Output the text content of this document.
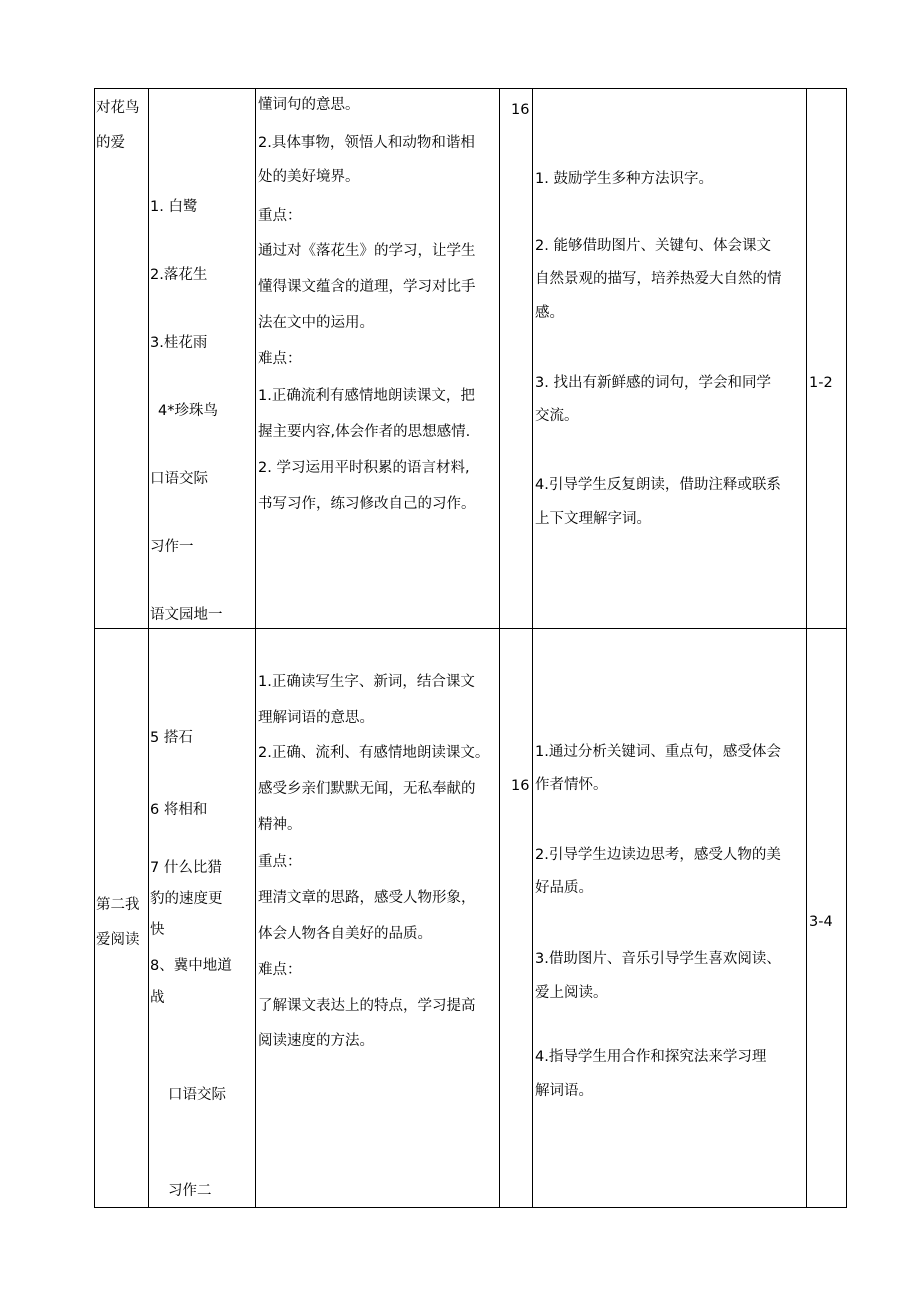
对花鸟
的爱
1. 白鹭
2.落花生
3.桂花雨
4*珍珠鸟
口语交际
习作一
语文园地一
懂词句的意思。
2.具体事物，领悟人和动物和谐相
处的美好境界。
重点：
通过对《落花生》的学习，让学生
懂得课文蕴含的道理，学习对比手
法在文中的运用。
难点：
1.正确流利有感情地朗读课文，把
握主要内容,体会作者的思想感情.
2. 学习运用平时积累的语言材料,
书写习作，练习修改自己的习作。
16
1. 鼓励学生多种方法识字。
2. 能够借助图片、关键句、体会课文
自然景观的描写，培养热爱大自然的情
感。
3. 找出有新鲜感的词句，学会和同学
交流。
4.引导学生反复朗读，借助注释或联系
上下文理解字词。
1-2
第二我
爱阅读
5 搭石
6 将相和
7 什么比猎
豹的速度更
快
8、冀中地道
战
口语交际
习作二
1.正确读写生字、新词，结合课文
理解词语的意思。
2.正确、流利、有感情地朗读课文。
感受乡亲们默默无闻，无私奉献的
精神。
重点：
理清文章的思路，感受人物形象，
体会人物各自美好的品质。
难点：
了解课文表达上的特点，学习提高
阅读速度的方法。
16
1.通过分析关键词、重点句，感受体会
作者情怀。
2.引导学生边读边思考，感受人物的美
好品质。
3.借助图片、音乐引导学生喜欢阅读、
爱上阅读。
4.指导学生用合作和探究法来学习理
解词语。
3-4
